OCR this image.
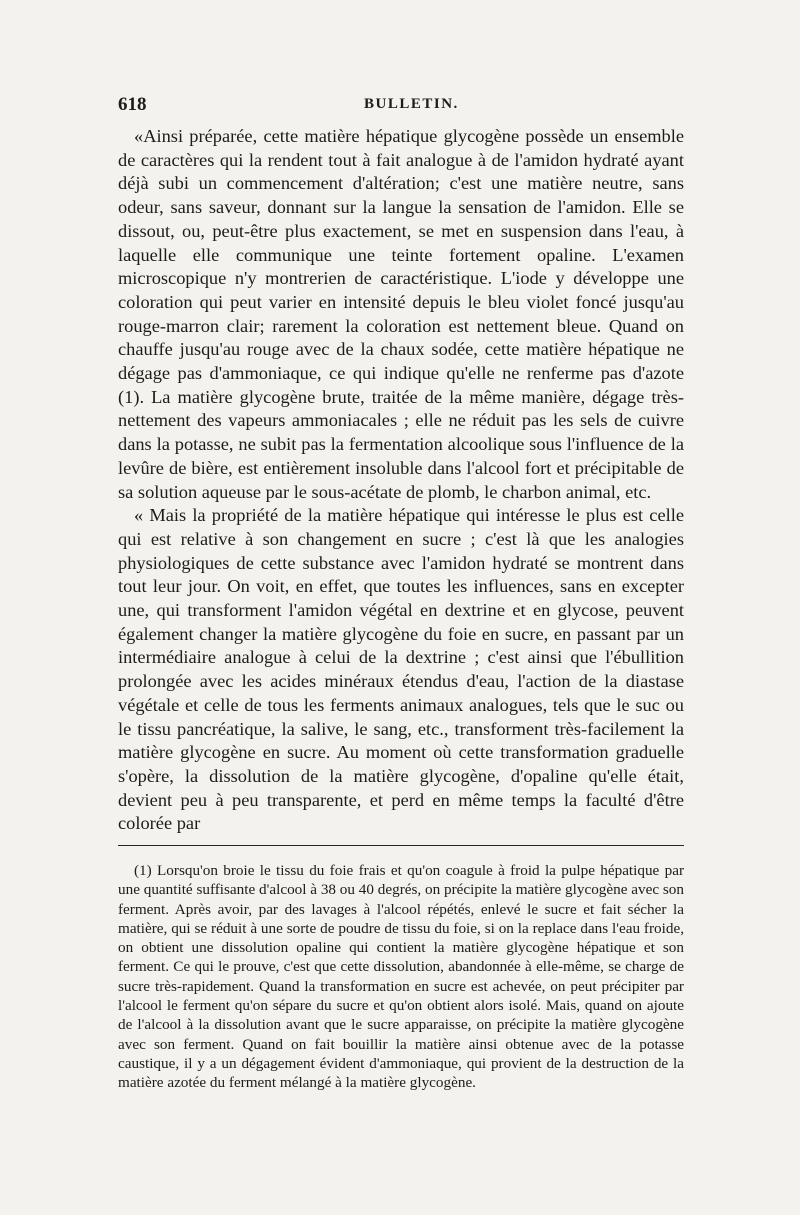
618	BULLETIN.

«Ainsi préparée, cette matière hépatique glycogène possède un ensemble de caractères qui la rendent tout à fait analogue à de l'amidon hydraté ayant déjà subi un commencement d'altération; c'est une matière neutre, sans odeur, sans saveur, donnant sur la langue la sensation de l'amidon. Elle se dissout, ou, peut-être plus exactement, se met en suspension dans l'eau, à laquelle elle communique une teinte fortement opaline. L'examen microscopique n'y montrerien de caractéristique. L'iode y développe une coloration qui peut varier en intensité depuis le bleu violet foncé jusqu'au rouge-marron clair; rarement la coloration est nettement bleue. Quand on chauffe jusqu'au rouge avec de la chaux sodée, cette matière hépatique ne dégage pas d'ammoniaque, ce qui indique qu'elle ne renferme pas d'azote (1). La matière glycogène brute, traitée de la même manière, dégage très-nettement des vapeurs ammoniacales ; elle ne réduit pas les sels de cuivre dans la potasse, ne subit pas la fermentation alcoolique sous l'influence de la levûre de bière, est entièrement insoluble dans l'alcool fort et précipitable de sa solution aqueuse par le sous-acétate de plomb, le charbon animal, etc.

« Mais la propriété de la matière hépatique qui intéresse le plus est celle qui est relative à son changement en sucre ; c'est là que les analogies physiologiques de cette substance avec l'amidon hydraté se montrent dans tout leur jour. On voit, en effet, que toutes les influences, sans en excepter une, qui transforment l'amidon végétal en dextrine et en glycose, peuvent également changer la matière glycogène du foie en sucre, en passant par un intermédiaire analogue à celui de la dextrine ; c'est ainsi que l'ébullition prolongée avec les acides minéraux étendus d'eau, l'action de la diastase végétale et celle de tous les ferments animaux analogues, tels que le suc ou le tissu pancréatique, la salive, le sang, etc., transforment très-facilement la matière glycogène en sucre. Au moment où cette transformation graduelle s'opère, la dissolution de la matière glycogène, d'opaline qu'elle était, devient peu à peu transparente, et perd en même temps la faculté d'être colorée par

(1) Lorsqu'on broie le tissu du foie frais et qu'on coagule à froid la pulpe hépatique par une quantité suffisante d'alcool à 38 ou 40 degrés, on précipite la matière glycogène avec son ferment. Après avoir, par des lavages à l'alcool répétés, enlevé le sucre et fait sécher la matière, qui se réduit à une sorte de poudre de tissu du foie, si on la replace dans l'eau froide, on obtient une dissolution opaline qui contient la matière glycogène hépatique et son ferment. Ce qui le prouve, c'est que cette dissolution, abandonnée à elle-même, se charge de sucre très-rapidement. Quand la transformation en sucre est achevée, on peut précipiter par l'alcool le ferment qu'on sépare du sucre et qu'on obtient alors isolé. Mais, quand on ajoute de l'alcool à la dissolution avant que le sucre apparaisse, on précipite la matière glycogène avec son ferment. Quand on fait bouillir la matière ainsi obtenue avec de la potasse caustique, il y a un dégagement évident d'ammoniaque, qui provient de la destruction de la matière azotée du ferment mélangé à la matière glycogène.
